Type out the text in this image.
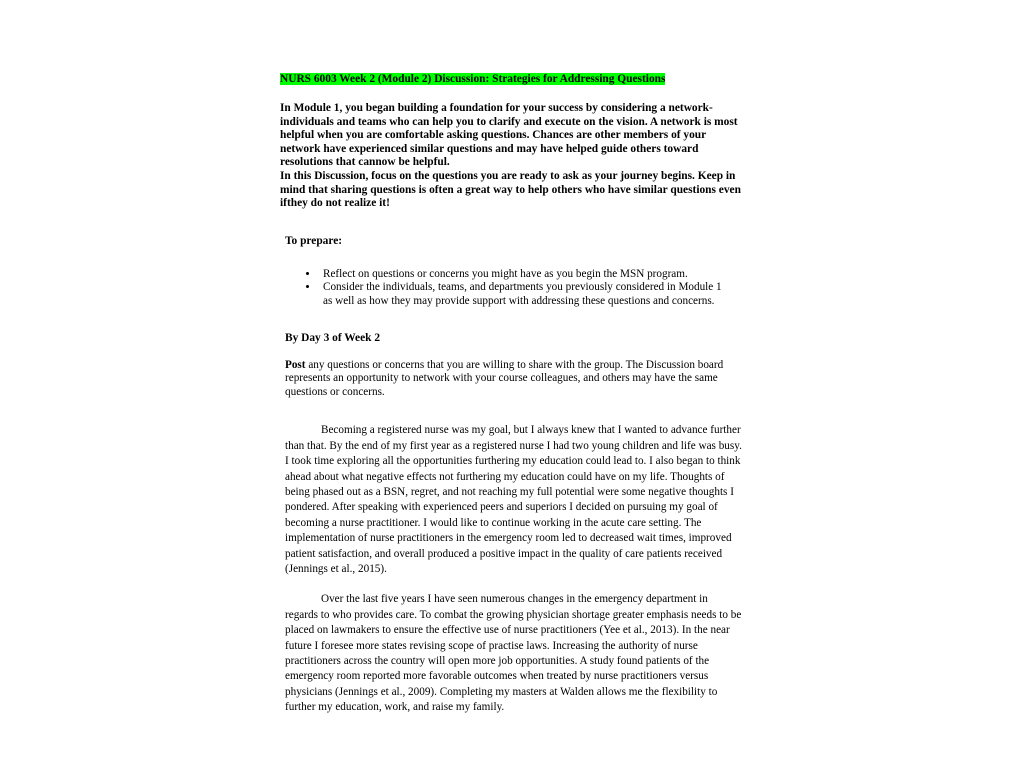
NURS 6003 Week 2 (Module 2) Discussion: Strategies for Addressing Questions

In Module 1, you began building a foundation for your success by considering a network- individuals and teams who can help you to clarify and execute on the vision. A network is most helpful when you are comfortable asking questions. Chances are other members of your network have experienced similar questions and may have helped guide others toward resolutions that cannow be helpful.

In this Discussion, focus on the questions you are ready to ask as your journey begins. Keep in mind that sharing questions is often a great way to help others who have similar questions even ifthey do not realize it!

To prepare:

• Reflect on questions or concerns you might have as you begin the MSN program.
• Consider the individuals, teams, and departments you previously considered in Module 1 as well as how they may provide support with addressing these questions and concerns.

By Day 3 of Week 2

Post any questions or concerns that you are willing to share with the group. The Discussion board represents an opportunity to network with your course colleagues, and others may have the same questions or concerns.

Becoming a registered nurse was my goal, but I always knew that I wanted to advance further than that. By the end of my first year as a registered nurse I had two young children and life was busy. I took time exploring all the opportunities furthering my education could lead to. I also began to think ahead about what negative effects not furthering my education could have on my life. Thoughts of being phased out as a BSN, regret, and not reaching my full potential were some negative thoughts I pondered. After speaking with experienced peers and superiors I decided on pursuing my goal of becoming a nurse practitioner. I would like to continue working in the acute care setting. The implementation of nurse practitioners in the emergency room led to decreased wait times, improved patient satisfaction, and overall produced a positive impact in the quality of care patients received (Jennings et al., 2015).

Over the last five years I have seen numerous changes in the emergency department in regards to who provides care. To combat the growing physician shortage greater emphasis needs to be placed on lawmakers to ensure the effective use of nurse practitioners (Yee et al., 2013). In the near future I foresee more states revising scope of practise laws. Increasing the authority of nurse practitioners across the country will open more job opportunities. A study found patients of the emergency room reported more favorable outcomes when treated by nurse practitioners versus physicians (Jennings et al., 2009). Completing my masters at Walden allows me the flexibility to further my education, work, and raise my family.
